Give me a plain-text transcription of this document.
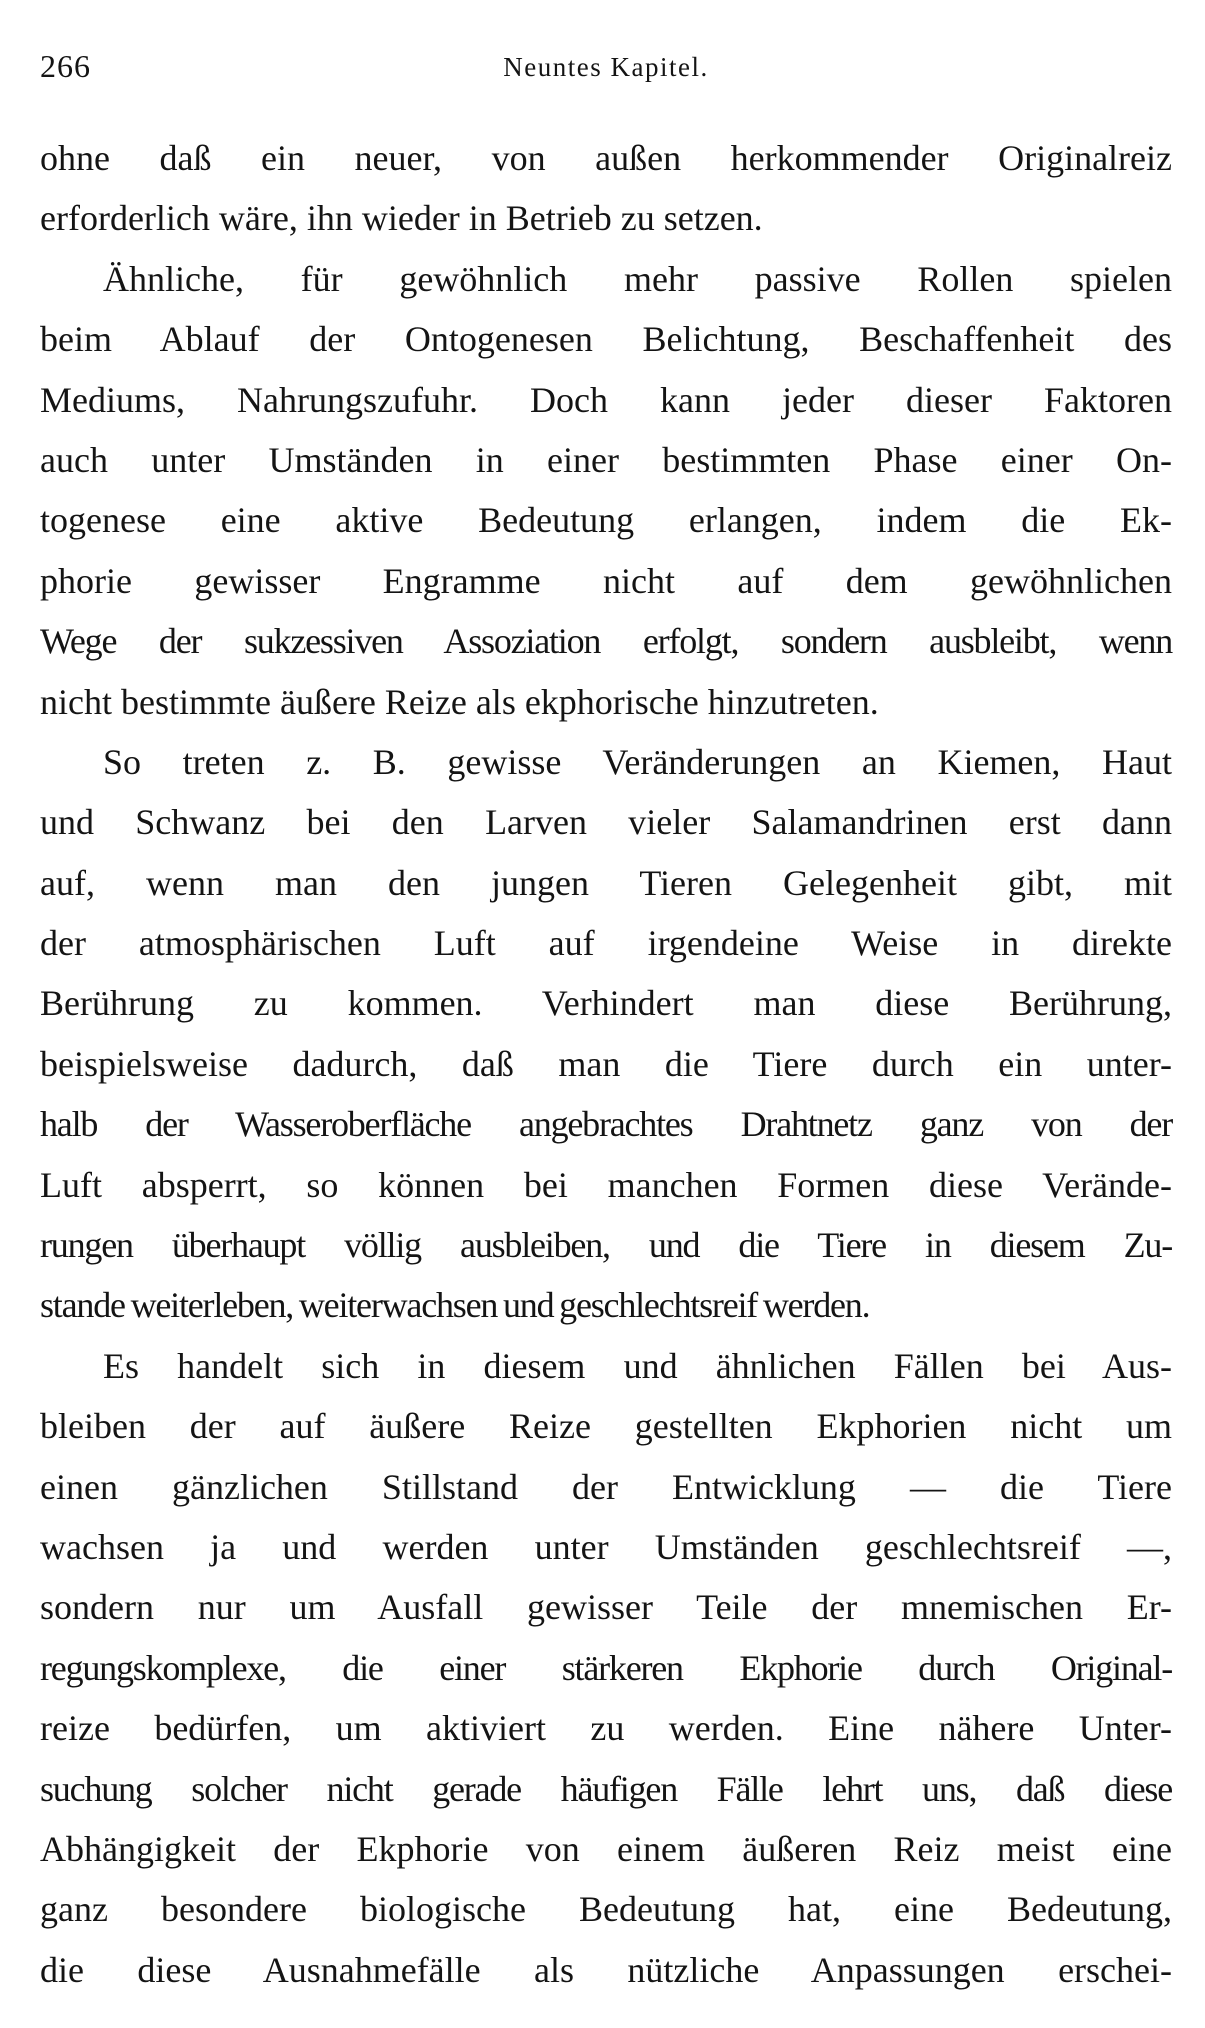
266	Neuntes Kapitel.
ohne daß ein neuer, von außen herkommender Originalreiz
erforderlich wäre, ihn wieder in Betrieb zu setzen.
Ähnliche, für gewöhnlich mehr passive Rollen spielen
beim Ablauf der Ontogenesen Belichtung, Beschaffenheit des
Mediums, Nahrungszufuhr. Doch kann jeder dieser Faktoren
auch unter Umständen in einer bestimmten Phase einer On-
togenese eine aktive Bedeutung erlangen, indem die Ek-
phorie gewisser Engramme nicht auf dem gewöhnlichen
Wege der sukzessiven Assoziation erfolgt, sondern ausbleibt, wenn
nicht bestimmte äußere Reize als ekphorische hinzutreten.
So treten z. B. gewisse Veränderungen an Kiemen, Haut
und Schwanz bei den Larven vieler Salamandrinen erst dann
auf, wenn man den jungen Tieren Gelegenheit gibt, mit
der atmosphärischen Luft auf irgendeine Weise in direkte
Berührung zu kommen. Verhindert man diese Berührung,
beispielsweise dadurch, daß man die Tiere durch ein unter-
halb der Wasseroberfläche angebrachtes Drahtnetz ganz von der
Luft absperrt, so können bei manchen Formen diese Verände-
rungen überhaupt völlig ausbleiben, und die Tiere in diesem Zu-
stande weiterleben, weiterwachsen und geschlechtsreif werden.
Es handelt sich in diesem und ähnlichen Fällen bei Aus-
bleiben der auf äußere Reize gestellten Ekphorien nicht um
einen gänzlichen Stillstand der Entwicklung — die Tiere
wachsen ja und werden unter Umständen geschlechtsreif —,
sondern nur um Ausfall gewisser Teile der mnemischen Er-
regungskomplexe, die einer stärkeren Ekphorie durch Original-
reize bedürfen, um aktiviert zu werden. Eine nähere Unter-
suchung solcher nicht gerade häufigen Fälle lehrt uns, daß diese
Abhängigkeit der Ekphorie von einem äußeren Reiz meist eine
ganz besondere biologische Bedeutung hat, eine Bedeutung,
die diese Ausnahmefälle als nützliche Anpassungen erschei-
